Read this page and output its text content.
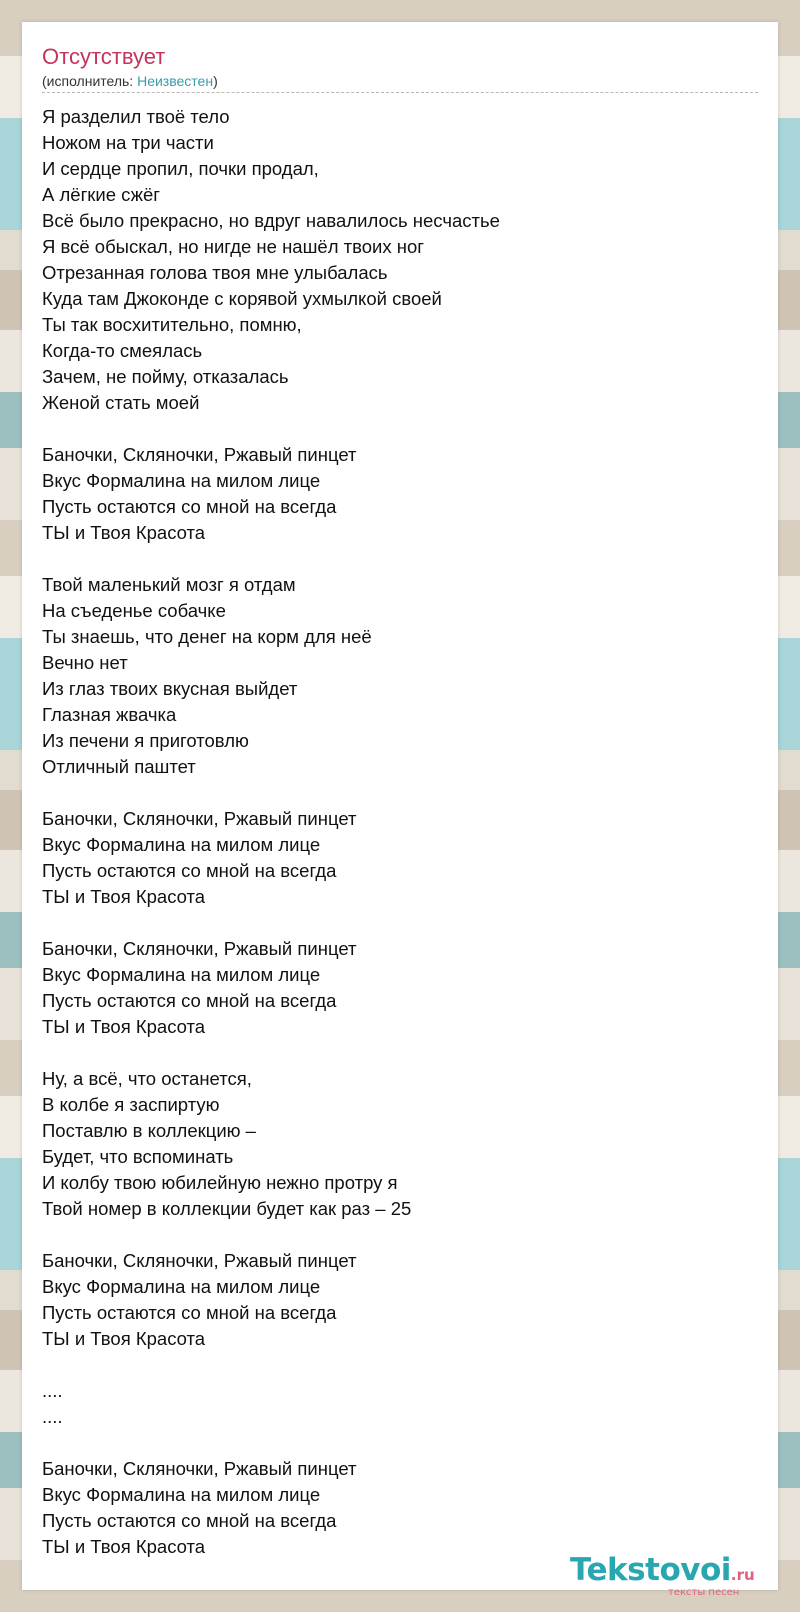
Отсутствует
(исполнитель: Неизвестен)
Я разделил твоё тело
Ножом на три части
И сердце пропил, почки продал,
А лёгкие сжёг
Всё было прекрасно, но вдруг навалилось несчастье
Я всё обыскал, но нигде не нашёл твоих ног
Отрезанная голова твоя мне улыбалась
Куда там Джоконде с корявой ухмылкой своей
Ты так восхитительно, помню,
Когда-то смеялась
Зачем, не пойму, отказалась
Женой стать моей
Баночки, Скляночки, Ржавый пинцет
Вкус Формалина на милом лице
Пусть остаются со мной на всегда
ТЫ и Твоя Красота
Твой маленький мозг я отдам
На съеденье собачке
Ты знаешь, что денег на корм для неё
Вечно нет
Из глаз твоих вкусная выйдет
Глазная жвачка
Из печени я приготовлю
Отличный паштет
Баночки, Скляночки, Ржавый пинцет
Вкус Формалина на милом лице
Пусть остаются со мной на всегда
ТЫ и Твоя Красота
Баночки, Скляночки, Ржавый пинцет
Вкус Формалина на милом лице
Пусть остаются со мной на всегда
ТЫ и Твоя Красота
Ну, а всё, что останется,
В колбе я заспиртую
Поставлю в коллекцию –
Будет, что вспоминать
И колбу твою юбилейную нежно протру я
Твой номер в коллекции будет как раз – 25
Баночки, Скляночки, Ржавый пинцет
Вкус Формалина на милом лице
Пусть остаются со мной на всегда
ТЫ и Твоя Красота
....
....
Баночки, Скляночки, Ржавый пинцет
Вкус Формалина на милом лице
Пусть остаются со мной на всегда
ТЫ и Твоя Красота
Tekstovoi.ru
тексты песен
